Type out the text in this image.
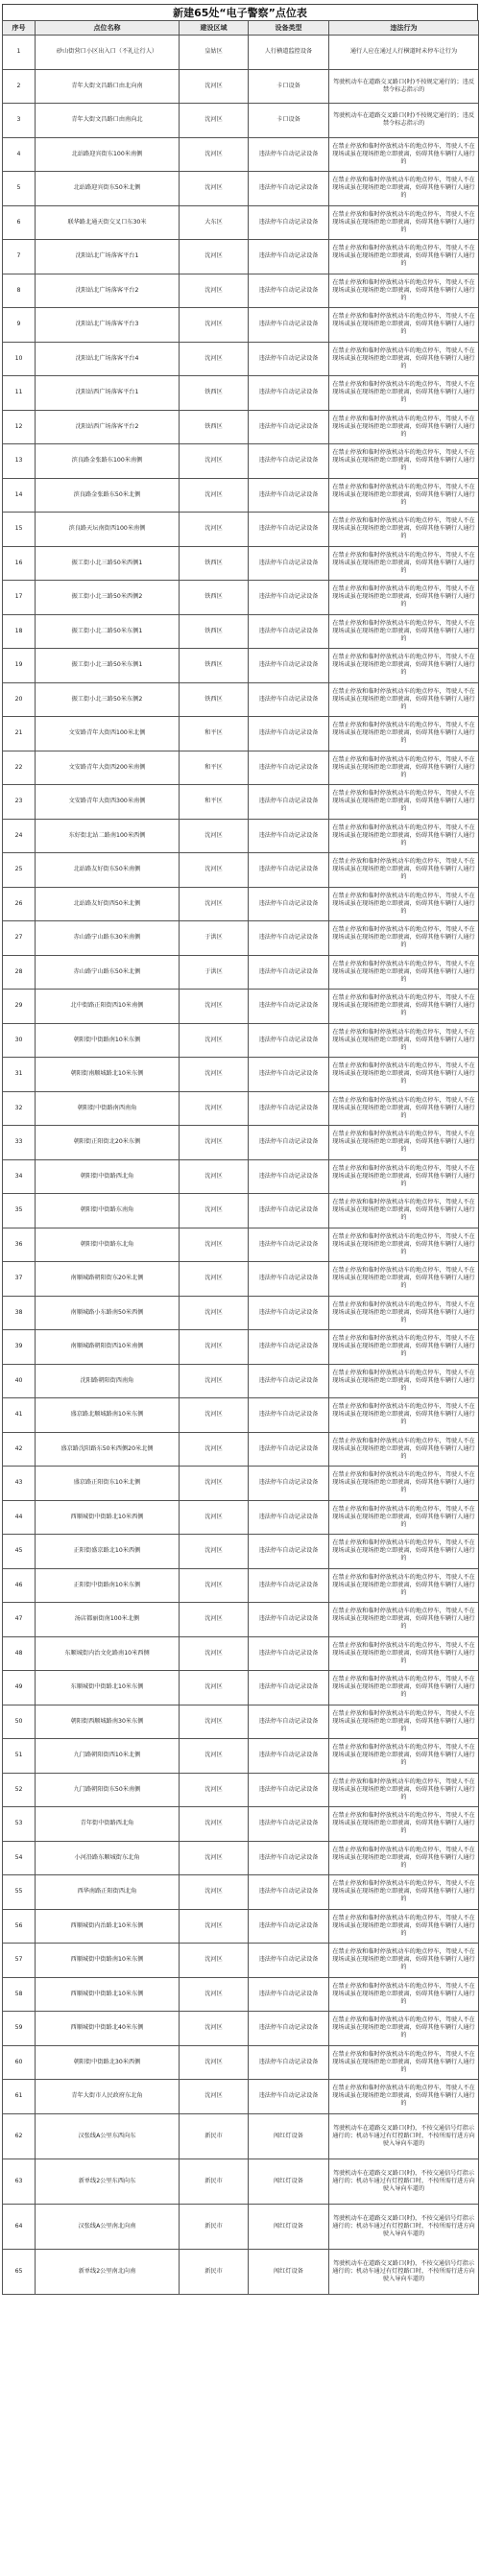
新建65处“电子警察”点位表
序号	点位名称	建设区域	设备类型	违法行为
1	砂山街营口小区出入口（不礼让行人）	皇姑区	人行横道监控设备	通行人应在通过人行横道时未停车让行为
2	青年大街文昌路口由北向南	沈河区	卡口设备	驾驶机动车在道路交叉路口(时)不按规定通行的；违反禁令标志指示的
3	青年大街文昌路口由南向北	沈河区	卡口设备	驾驶机动车在道路交叉路口(时)不按规定通行的；违反禁令标志指示的
4	北站路迎宾街东100米南侧	沈河区	违法停车自动记录设备	在禁止停放和临时停放机动车的地点停车，驾驶人不在现场或虽在现场拒绝立即驶离，妨碍其他车辆行人通行的
5	北站路迎宾街东50米北侧	沈河区	违法停车自动记录设备	在禁止停放和临时停放机动车的地点停车，驾驶人不在现场或虽在现场拒绝立即驶离，妨碍其他车辆行人通行的
6	联华路北通天街交叉口东30米	大东区	违法停车自动记录设备	在禁止停放和临时停放机动车的地点停车，驾驶人不在现场或虽在现场拒绝立即驶离，妨碍其他车辆行人通行的
7	沈阳站北广场落客平台1	沈河区	违法停车自动记录设备	在禁止停放和临时停放机动车的地点停车，驾驶人不在现场或虽在现场拒绝立即驶离，妨碍其他车辆行人通行的
8	沈阳站北广场落客平台2	沈河区	违法停车自动记录设备	在禁止停放和临时停放机动车的地点停车，驾驶人不在现场或虽在现场拒绝立即驶离，妨碍其他车辆行人通行的
9	沈阳站北广场落客平台3	沈河区	违法停车自动记录设备	在禁止停放和临时停放机动车的地点停车，驾驶人不在现场或虽在现场拒绝立即驶离，妨碍其他车辆行人通行的
10	沈阳站北广场落客平台4	沈河区	违法停车自动记录设备	在禁止停放和临时停放机动车的地点停车，驾驶人不在现场或虽在现场拒绝立即驶离，妨碍其他车辆行人通行的
11	沈阳站西广场落客平台1	铁西区	违法停车自动记录设备	在禁止停放和临时停放机动车的地点停车，驾驶人不在现场或虽在现场拒绝立即驶离，妨碍其他车辆行人通行的
12	沈阳站西广场落客平台2	铁西区	违法停车自动记录设备	在禁止停放和临时停放机动车的地点停车，驾驶人不在现场或虽在现场拒绝立即驶离，妨碍其他车辆行人通行的
13	滨良路金张路东100米南侧	沈河区	违法停车自动记录设备	在禁止停放和临时停放机动车的地点停车，驾驶人不在现场或虽在现场拒绝立即驶离，妨碍其他车辆行人通行的
14	滨良路金张路东50米北侧	沈河区	违法停车自动记录设备	在禁止停放和临时停放机动车的地点停车，驾驶人不在现场或虽在现场拒绝立即驶离，妨碍其他车辆行人通行的
15	滨良路天坛南街西100米南侧	沈河区	违法停车自动记录设备	在禁止停放和临时停放机动车的地点停车，驾驶人不在现场或虽在现场拒绝立即驶离，妨碍其他车辆行人通行的
16	振工街小北三路50米西侧1	铁西区	违法停车自动记录设备	在禁止停放和临时停放机动车的地点停车，驾驶人不在现场或虽在现场拒绝立即驶离，妨碍其他车辆行人通行的
17	振工街小北三路50米西侧2	铁西区	违法停车自动记录设备	在禁止停放和临时停放机动车的地点停车，驾驶人不在现场或虽在现场拒绝立即驶离，妨碍其他车辆行人通行的
18	振工街小北二路50米东侧1	铁西区	违法停车自动记录设备	在禁止停放和临时停放机动车的地点停车，驾驶人不在现场或虽在现场拒绝立即驶离，妨碍其他车辆行人通行的
19	振工街小北三路50米东侧1	铁西区	违法停车自动记录设备	在禁止停放和临时停放机动车的地点停车，驾驶人不在现场或虽在现场拒绝立即驶离，妨碍其他车辆行人通行的
20	振工街小北三路50米东侧2	铁西区	违法停车自动记录设备	在禁止停放和临时停放机动车的地点停车，驾驶人不在现场或虽在现场拒绝立即驶离，妨碍其他车辆行人通行的
21	文安路青年大街西100米北侧	和平区	违法停车自动记录设备	在禁止停放和临时停放机动车的地点停车，驾驶人不在现场或虽在现场拒绝立即驶离，妨碍其他车辆行人通行的
22	文安路青年大街西200米南侧	和平区	违法停车自动记录设备	在禁止停放和临时停放机动车的地点停车，驾驶人不在现场或虽在现场拒绝立即驶离，妨碍其他车辆行人通行的
23	文安路青年大街西300米南侧	和平区	违法停车自动记录设备	在禁止停放和临时停放机动车的地点停车，驾驶人不在现场或虽在现场拒绝立即驶离，妨碍其他车辆行人通行的
24	东好街北站二路南100米西侧	沈河区	违法停车自动记录设备	在禁止停放和临时停放机动车的地点停车，驾驶人不在现场或虽在现场拒绝立即驶离，妨碍其他车辆行人通行的
25	北站路友好街东50米南侧	沈河区	违法停车自动记录设备	在禁止停放和临时停放机动车的地点停车，驾驶人不在现场或虽在现场拒绝立即驶离，妨碍其他车辆行人通行的
26	北站路友好街西50米北侧	沈河区	违法停车自动记录设备	在禁止停放和临时停放机动车的地点停车，驾驶人不在现场或虽在现场拒绝立即驶离，妨碍其他车辆行人通行的
27	赤山路宁山路东30米南侧	于洪区	违法停车自动记录设备	在禁止停放和临时停放机动车的地点停车，驾驶人不在现场或虽在现场拒绝立即驶离，妨碍其他车辆行人通行的
28	赤山路宁山路东50米北侧	于洪区	违法停车自动记录设备	在禁止停放和临时停放机动车的地点停车，驾驶人不在现场或虽在现场拒绝立即驶离，妨碍其他车辆行人通行的
29	北中街路正阳街西10米南侧	沈河区	违法停车自动记录设备	在禁止停放和临时停放机动车的地点停车，驾驶人不在现场或虽在现场拒绝立即驶离，妨碍其他车辆行人通行的
30	朝阳街中街路南10米东侧	沈河区	违法停车自动记录设备	在禁止停放和临时停放机动车的地点停车，驾驶人不在现场或虽在现场拒绝立即驶离，妨碍其他车辆行人通行的
31	朝阳街南顺城路北10米东侧	沈河区	违法停车自动记录设备	在禁止停放和临时停放机动车的地点停车，驾驶人不在现场或虽在现场拒绝立即驶离，妨碍其他车辆行人通行的
32	朝阳街中街路南西南角	沈河区	违法停车自动记录设备	在禁止停放和临时停放机动车的地点停车，驾驶人不在现场或虽在现场拒绝立即驶离，妨碍其他车辆行人通行的
33	朝阳街正阳街北20米东侧	沈河区	违法停车自动记录设备	在禁止停放和临时停放机动车的地点停车，驾驶人不在现场或虽在现场拒绝立即驶离，妨碍其他车辆行人通行的
34	朝阳街中街路西北角	沈河区	违法停车自动记录设备	在禁止停放和临时停放机动车的地点停车，驾驶人不在现场或虽在现场拒绝立即驶离，妨碍其他车辆行人通行的
35	朝阳街中街路东南角	沈河区	违法停车自动记录设备	在禁止停放和临时停放机动车的地点停车，驾驶人不在现场或虽在现场拒绝立即驶离，妨碍其他车辆行人通行的
36	朝阳街中街路东北角	沈河区	违法停车自动记录设备	在禁止停放和临时停放机动车的地点停车，驾驶人不在现场或虽在现场拒绝立即驶离，妨碍其他车辆行人通行的
37	南顺城路朝阳街东20米北侧	沈河区	违法停车自动记录设备	在禁止停放和临时停放机动车的地点停车，驾驶人不在现场或虽在现场拒绝立即驶离，妨碍其他车辆行人通行的
38	南顺城路小东路南50米西侧	沈河区	违法停车自动记录设备	在禁止停放和临时停放机动车的地点停车，驾驶人不在现场或虽在现场拒绝立即驶离，妨碍其他车辆行人通行的
39	南顺城路朝阳街西10米南侧	沈河区	违法停车自动记录设备	在禁止停放和临时停放机动车的地点停车，驾驶人不在现场或虽在现场拒绝立即驶离，妨碍其他车辆行人通行的
40	沈阳路朝阳街西南角	沈河区	违法停车自动记录设备	在禁止停放和临时停放机动车的地点停车，驾驶人不在现场或虽在现场拒绝立即驶离，妨碍其他车辆行人通行的
41	盛京路北顺城路南10米东侧	沈河区	违法停车自动记录设备	在禁止停放和临时停放机动车的地点停车，驾驶人不在现场或虽在现场拒绝立即驶离，妨碍其他车辆行人通行的
42	盛京路沈阳路东50米西侧20米北侧	沈河区	违法停车自动记录设备	在禁止停放和临时停放机动车的地点停车，驾驶人不在现场或虽在现场拒绝立即驶离，妨碍其他车辆行人通行的
43	盛京路正阳街东10米北侧	沈河区	违法停车自动记录设备	在禁止停放和临时停放机动车的地点停车，驾驶人不在现场或虽在现场拒绝立即驶离，妨碍其他车辆行人通行的
44	西顺城街中街路北10米西侧	沈河区	违法停车自动记录设备	在禁止停放和临时停放机动车的地点停车，驾驶人不在现场或虽在现场拒绝立即驶离，妨碍其他车辆行人通行的
45	正阳街盛京路北10米西侧	沈河区	违法停车自动记录设备	在禁止停放和临时停放机动车的地点停车，驾驶人不在现场或虽在现场拒绝立即驶离，妨碍其他车辆行人通行的
46	正阳街中街路南10米东侧	沈河区	违法停车自动记录设备	在禁止停放和临时停放机动车的地点停车，驾驶人不在现场或虽在现场拒绝立即驶离，妨碍其他车辆行人通行的
47	汤店都丽街南100米北侧	沈河区	违法停车自动记录设备	在禁止停放和临时停放机动车的地点停车，驾驶人不在现场或虽在现场拒绝立即驶离，妨碍其他车辆行人通行的
48	东顺城街内治文化路南10米西侧	沈河区	违法停车自动记录设备	在禁止停放和临时停放机动车的地点停车，驾驶人不在现场或虽在现场拒绝立即驶离，妨碍其他车辆行人通行的
49	东顺城街中街路北10米东侧	沈河区	违法停车自动记录设备	在禁止停放和临时停放机动车的地点停车，驾驶人不在现场或虽在现场拒绝立即驶离，妨碍其他车辆行人通行的
50	朝阳街西顺城路南30米东侧	沈河区	违法停车自动记录设备	在禁止停放和临时停放机动车的地点停车，驾驶人不在现场或虽在现场拒绝立即驶离，妨碍其他车辆行人通行的
51	九门路朝阳街西10米北侧	沈河区	违法停车自动记录设备	在禁止停放和临时停放机动车的地点停车，驾驶人不在现场或虽在现场拒绝立即驶离，妨碍其他车辆行人通行的
52	九门路朝阳街东50米南侧	沈河区	违法停车自动记录设备	在禁止停放和临时停放机动车的地点停车，驾驶人不在现场或虽在现场拒绝立即驶离，妨碍其他车辆行人通行的
53	青年街中街路西北角	沈河区	违法停车自动记录设备	在禁止停放和临时停放机动车的地点停车，驾驶人不在现场或虽在现场拒绝立即驶离，妨碍其他车辆行人通行的
54	小河沿路东顺城街东北角	沈河区	违法停车自动记录设备	在禁止停放和临时停放机动车的地点停车，驾驶人不在现场或虽在现场拒绝立即驶离，妨碍其他车辆行人通行的
55	西华南路正阳街西北角	沈河区	违法停车自动记录设备	在禁止停放和临时停放机动车的地点停车，驾驶人不在现场或虽在现场拒绝立即驶离，妨碍其他车辆行人通行的
56	西顺城街内治路北10米东侧	沈河区	违法停车自动记录设备	在禁止停放和临时停放机动车的地点停车，驾驶人不在现场或虽在现场拒绝立即驶离，妨碍其他车辆行人通行的
57	西顺城街中街路南10米东侧	沈河区	违法停车自动记录设备	在禁止停放和临时停放机动车的地点停车，驾驶人不在现场或虽在现场拒绝立即驶离，妨碍其他车辆行人通行的
58	西顺城街中街路北10米东侧	沈河区	违法停车自动记录设备	在禁止停放和临时停放机动车的地点停车，驾驶人不在现场或虽在现场拒绝立即驶离，妨碍其他车辆行人通行的
59	西顺城街中街路北40米东侧	沈河区	违法停车自动记录设备	在禁止停放和临时停放机动车的地点停车，驾驶人不在现场或虽在现场拒绝立即驶离，妨碍其他车辆行人通行的
60	朝阳街中街路北30米西侧	沈河区	违法停车自动记录设备	在禁止停放和临时停放机动车的地点停车，驾驶人不在现场或虽在现场拒绝立即驶离，妨碍其他车辆行人通行的
61	青年大街市人民政府东北角	沈河区	违法停车自动记录设备	在禁止停放和临时停放机动车的地点停车，驾驶人不在现场或虽在现场拒绝立即驶离，妨碍其他车辆行人通行的
62	汉张线A公里东西向东	新民市	闯红灯设备	驾驶机动车在道路交叉路口(时)，不按交通信号灯指示通行的；机动车通过有灯控路口时，不按所需行进方向驶入导向车道的
63	新单线2公里东西向东	新民市	闯红灯设备	驾驶机动车在道路交叉路口(时)，不按交通信号灯指示通行的；机动车通过有灯控路口时，不按所需行进方向驶入导向车道的
64	汉张线A公里南北向南	新民市	闯红灯设备	驾驶机动车在道路交叉路口(时)，不按交通信号灯指示通行的；机动车通过有灯控路口时，不按所需行进方向驶入导向车道的
65	新单线2公里南北向南	新民市	闯红灯设备	驾驶机动车在道路交叉路口(时)，不按交通信号灯指示通行的；机动车通过有灯控路口时，不按所需行进方向驶入导向车道的
